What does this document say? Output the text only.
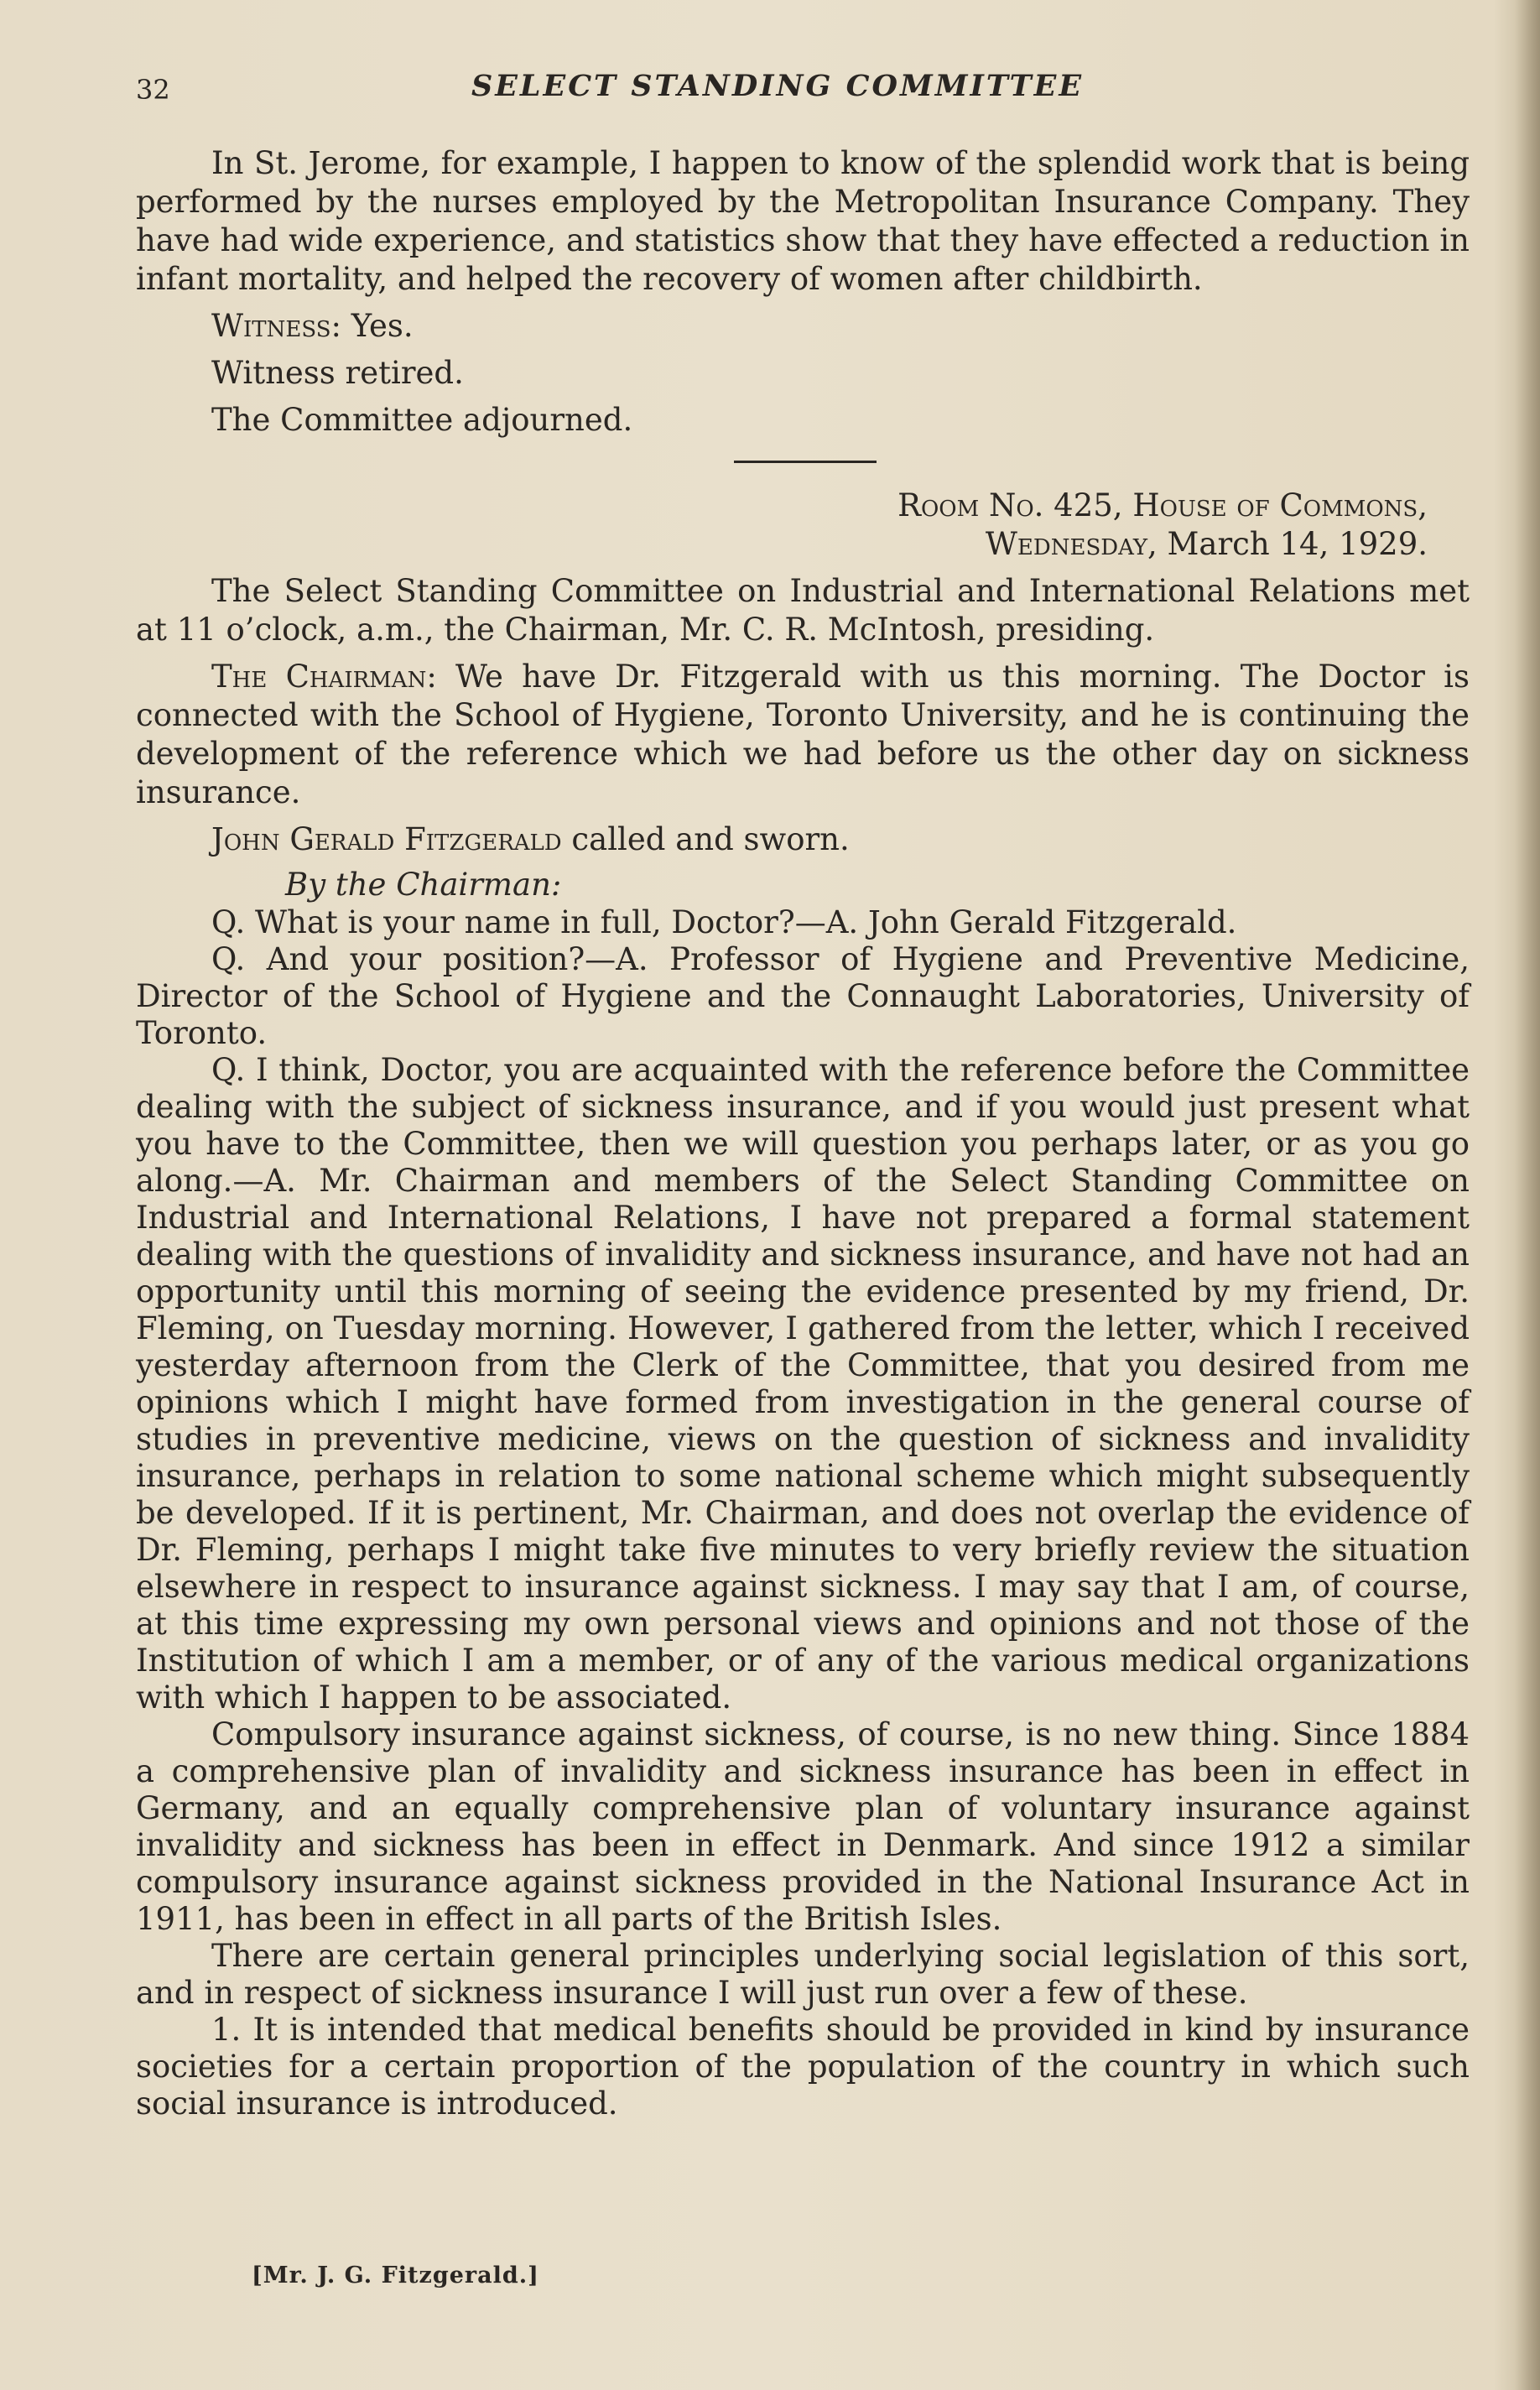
32	SELECT STANDING COMMITTEE

In St. Jerome, for example, I happen to know of the splendid work that is being performed by the nurses employed by the Metropolitan Insurance Company. They have had wide experience, and statistics show that they have effected a reduction in infant mortality, and helped the recovery of women after childbirth.

Witness: Yes.

Witness retired.

The Committee adjourned.

Room No. 425, House of Commons,

Wednesday, March 14, 1929.

The Select Standing Committee on Industrial and International Relations met at 11 o’clock, a.m., the Chairman, Mr. C. R. McIntosh, presiding.

The Chairman: We have Dr. Fitzgerald with us this morning. The Doctor is connected with the School of Hygiene, Toronto University, and he is continuing the development of the reference which we had before us the other day on sickness insurance.

John Gerald Fitzgerald called and sworn.

By the Chairman:

Q. What is your name in full, Doctor?—A. John Gerald Fitzgerald.

Q. And your position?—A. Professor of Hygiene and Preventive Medicine, Director of the School of Hygiene and the Connaught Laboratories, University of Toronto.

Q. I think, Doctor, you are acquainted with the reference before the Committee dealing with the subject of sickness insurance, and if you would just present what you have to the Committee, then we will question you perhaps later, or as you go along.—A. Mr. Chairman and members of the Select Standing Committee on Industrial and International Relations, I have not prepared a formal statement dealing with the questions of invalidity and sickness insurance, and have not had an opportunity until this morning of seeing the evidence presented by my friend, Dr. Fleming, on Tuesday morning. However, I gathered from the letter, which I received yesterday afternoon from the Clerk of the Committee, that you desired from me opinions which I might have formed from investigation in the general course of studies in preventive medicine, views on the question of sickness and invalidity insurance, perhaps in relation to some national scheme which might subsequently be developed. If it is pertinent, Mr. Chairman, and does not overlap the evidence of Dr. Fleming, perhaps I might take five minutes to very briefly review the situation elsewhere in respect to insurance against sickness. I may say that I am, of course, at this time expressing my own personal views and opinions and not those of the Institution of which I am a member, or of any of the various medical organizations with which I happen to be associated.

Compulsory insurance against sickness, of course, is no new thing. Since 1884 a comprehensive plan of invalidity and sickness insurance has been in effect in Germany, and an equally comprehensive plan of voluntary insurance against invalidity and sickness has been in effect in Denmark. And since 1912 a similar compulsory insurance against sickness provided in the National Insurance Act in 1911, has been in effect in all parts of the British Isles.

There are certain general principles underlying social legislation of this sort, and in respect of sickness insurance I will just run over a few of these.

1. It is intended that medical benefits should be provided in kind by insurance societies for a certain proportion of the population of the country in which such social insurance is introduced.

[Mr. J. G. Fitzgerald.]
